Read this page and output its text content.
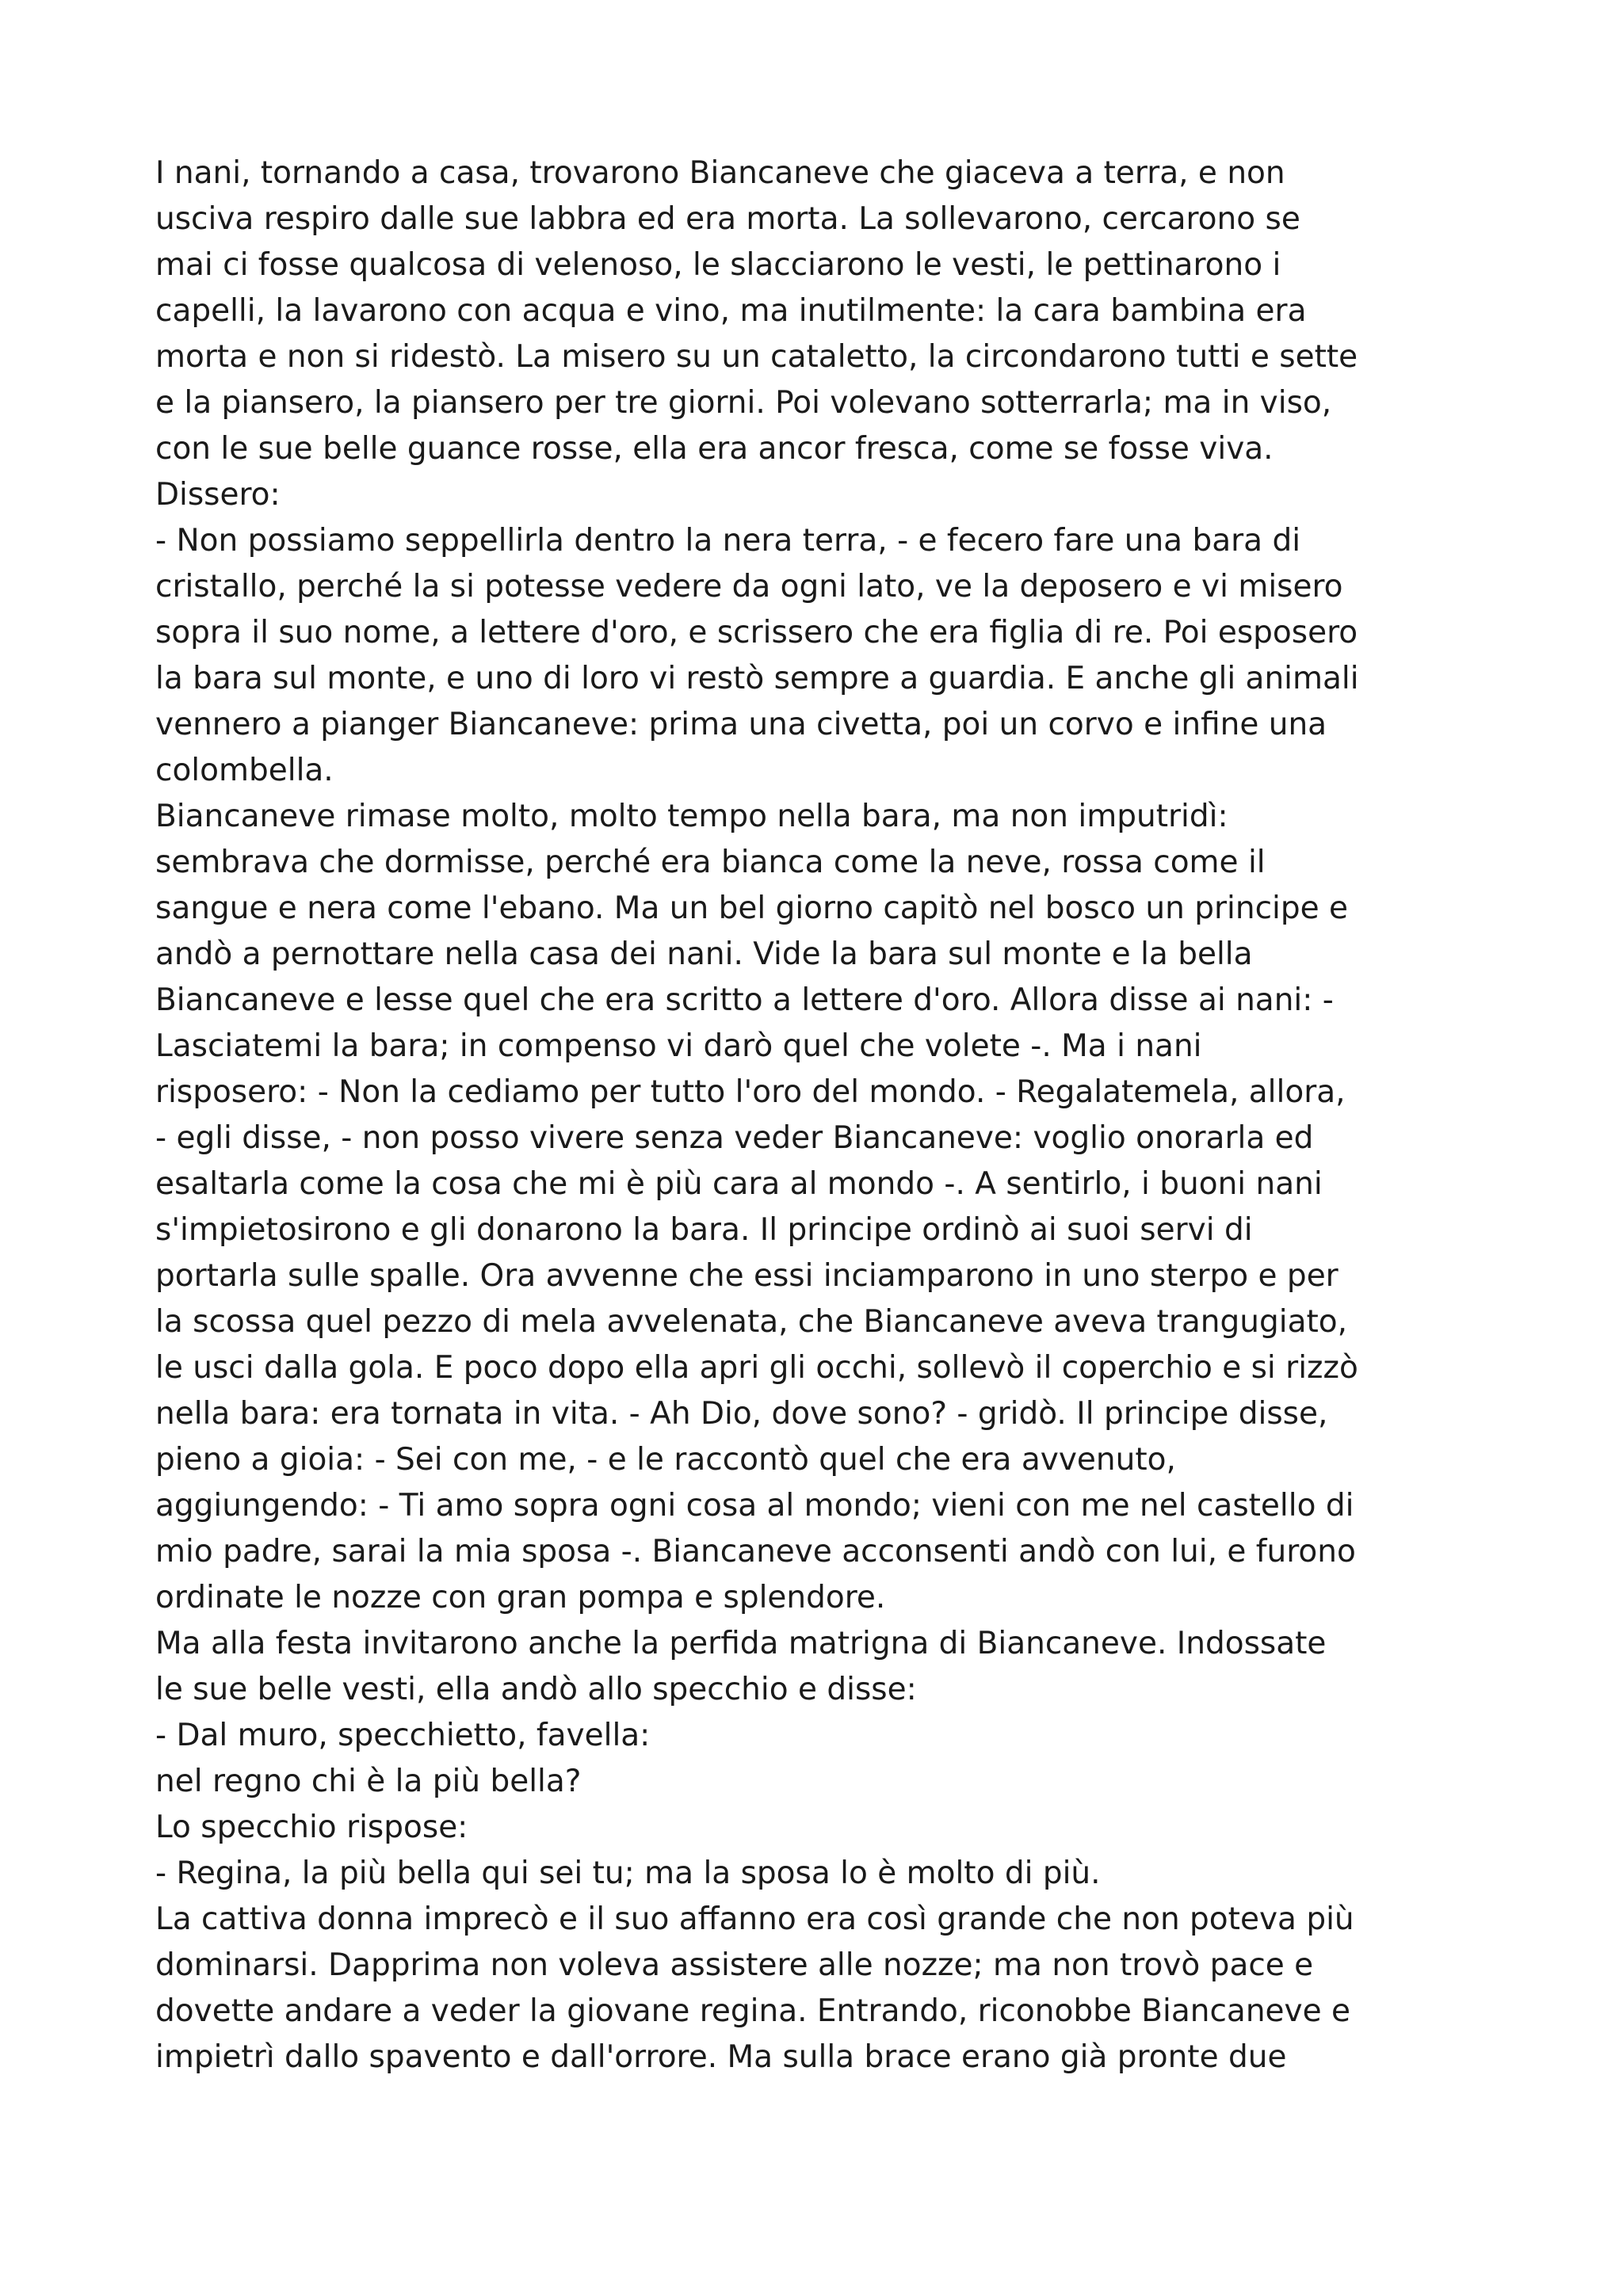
I nani, tornando a casa, trovarono Biancaneve che giaceva a terra, e non
usciva respiro dalle sue labbra ed era morta. La sollevarono, cercarono se
mai ci fosse qualcosa di velenoso, le slacciarono le vesti, le pettinarono i
capelli, la lavarono con acqua e vino, ma inutilmente: la cara bambina era
morta e non si ridestò. La misero su un cataletto, la circondarono tutti e sette
e la piansero, la piansero per tre giorni. Poi volevano sotterrarla; ma in viso,
con le sue belle guance rosse, ella era ancor fresca, come se fosse viva.
Dissero:
- Non possiamo seppellirla dentro la nera terra, - e fecero fare una bara di
cristallo, perché la si potesse vedere da ogni lato, ve la deposero e vi misero
sopra il suo nome, a lettere d'oro, e scrissero che era figlia di re. Poi esposero
la bara sul monte, e uno di loro vi restò sempre a guardia. E anche gli animali
vennero a pianger Biancaneve: prima una civetta, poi un corvo e infine una
colombella.
Biancaneve rimase molto, molto tempo nella bara, ma non imputridì:
sembrava che dormisse, perché era bianca come la neve, rossa come il
sangue e nera come l'ebano. Ma un bel giorno capitò nel bosco un principe e
andò a pernottare nella casa dei nani. Vide la bara sul monte e la bella
Biancaneve e lesse quel che era scritto a lettere d'oro. Allora disse ai nani: -
Lasciatemi la bara; in compenso vi darò quel che volete -. Ma i nani
risposero: - Non la cediamo per tutto l'oro del mondo. - Regalatemela, allora,
- egli disse, - non posso vivere senza veder Biancaneve: voglio onorarla ed
esaltarla come la cosa che mi è più cara al mondo -. A sentirlo, i buoni nani
s'impietosirono e gli donarono la bara. Il principe ordinò ai suoi servi di
portarla sulle spalle. Ora avvenne che essi inciamparono in uno sterpo e per
la scossa quel pezzo di mela avvelenata, che Biancaneve aveva trangugiato,
le usci dalla gola. E poco dopo ella apri gli occhi, sollevò il coperchio e si rizzò
nella bara: era tornata in vita. - Ah Dio, dove sono? - gridò. Il principe disse,
pieno a gioia: - Sei con me, - e le raccontò quel che era avvenuto,
aggiungendo: - Ti amo sopra ogni cosa al mondo; vieni con me nel castello di
mio padre, sarai la mia sposa -. Biancaneve acconsenti andò con lui, e furono
ordinate le nozze con gran pompa e splendore.
Ma alla festa invitarono anche la perfida matrigna di Biancaneve. Indossate
le sue belle vesti, ella andò allo specchio e disse:
- Dal muro, specchietto, favella:
nel regno chi è la più bella?
Lo specchio rispose:
- Regina, la più bella qui sei tu; ma la sposa lo è molto di più.
La cattiva donna imprecò e il suo affanno era così grande che non poteva più
dominarsi. Dapprima non voleva assistere alle nozze; ma non trovò pace e
dovette andare a veder la giovane regina. Entrando, riconobbe Biancaneve e
impietrì dallo spavento e dall'orrore. Ma sulla brace erano già pronte due
